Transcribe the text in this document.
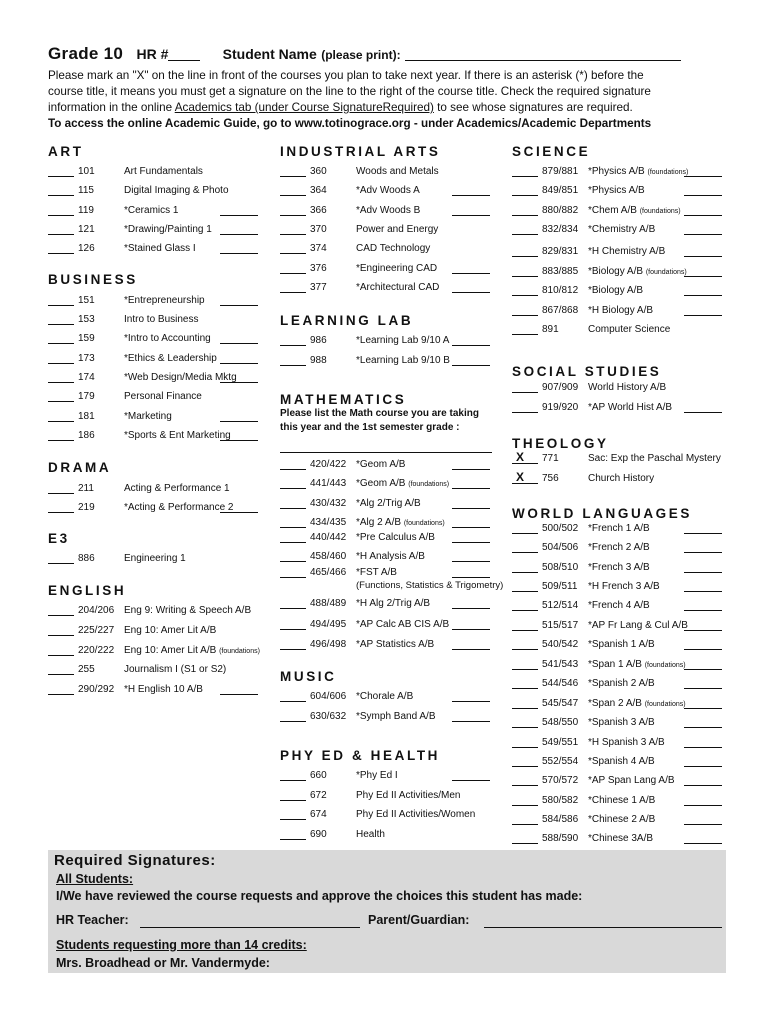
Grade 10 HR #	Student Name (please print):

Please mark an "X" on the line in front of the courses you plan to take next year. If there is an asterisk (*) before the

course title, it means you must get a signature on the line to the right of the course title. Check the required signature

information in the online Academics tab (under Course SignatureRequired) to see whose signatures are required.

To access the online Academic Guide, go to www.totinograce.org - under Academics/Academic Departments

ART
BUSINESS
DRAMA
E3
ENGLISH
INDUSTRIAL ARTS
LEARNING LAB
MATHEMATICS
Please list the Math course you are taking
this year and the 1st semester grade :
MUSIC
PHY ED & HEALTH
SCIENCE
SOCIAL STUDIES
THEOLOGY
WORLD LANGUAGES
101	Art Fundamentals
115	Digital Imaging & Photo
119	*Ceramics 1
121	*Drawing/Painting 1
126	*Stained Glass I
151	*Entrepreneurship
153	Intro to Business
159	*Intro to Accounting
173	*Ethics & Leadership
174	*Web Design/Media Mktg
179	Personal Finance
181	*Marketing
186	*Sports & Ent Marketing
211	Acting & Performance 1
219	*Acting & Performance 2
886	Engineering 1
204/206 Eng 9: Writing & Speech A/B
225/227 Eng 10: Amer Lit A/B
220/222 Eng 10: Amer Lit A/B (foundations)
255	Journalism I (S1 or S2)
290/292 *H English 10 A/B
360	Woods and Metals
364	*Adv Woods A
366	*Adv Woods B
370	Power and Energy
374	CAD Technology
376	*Engineering CAD
377	*Architectural CAD
986	*Learning Lab 9/10 A
988	*Learning Lab 9/10 B
420/422 *Geom A/B
441/443 *Geom A/B (foundations)
430/432 *Alg 2/Trig A/B
434/435 *Alg 2 A/B (foundations)
440/442 *Pre Calculus A/B
458/460 *H Analysis A/B
465/466 *FST A/B
(Functions, Statistics & Trigometry)
488/489 *H Alg 2/Trig A/B
494/495 *AP Calc AB CIS A/B
496/498 *AP Statistics A/B
604/606 *Chorale A/B
630/632 *Symph Band A/B
660	*Phy Ed I
672	Phy Ed II Activities/Men
674	Phy Ed II Activities/Women
690	Health
879/881 *Physics A/B (foundations)
849/851 *Physics A/B
880/882 *Chem A/B (foundations)
832/834 *Chemistry A/B
829/831 *H Chemistry A/B
883/885 *Biology A/B (foundations)
810/812 *Biology A/B
867/868 *H Biology A/B
891	Computer Science
907/909 World History A/B
919/920 *AP World Hist A/B
X 771	Sac: Exp the Paschal Mystery
X 756	Church History
500/502 *French 1 A/B
504/506 *French 2 A/B
508/510 *French 3 A/B
509/511 *H French 3 A/B
512/514 *French 4 A/B
515/517 *AP Fr Lang & Cul A/B
540/542 *Spanish 1 A/B
541/543 *Span 1 A/B (foundations)
544/546 *Spanish 2 A/B
545/547 *Span 2 A/B (foundations)
548/550 *Spanish 3 A/B
549/551 *H Spanish 3 A/B
552/554 *Spanish 4 A/B
570/572 *AP Span Lang A/B
580/582 *Chinese 1 A/B
584/586 *Chinese 2 A/B
588/590 *Chinese 3A/B
Required Signatures:
All Students:
I/We have reviewed the course requests and approve the choices this student has made:
HR Teacher:	Parent/Guardian:
Students requesting more than 14 credits:
Mrs. Broadhead or Mr. Vandermyde:
